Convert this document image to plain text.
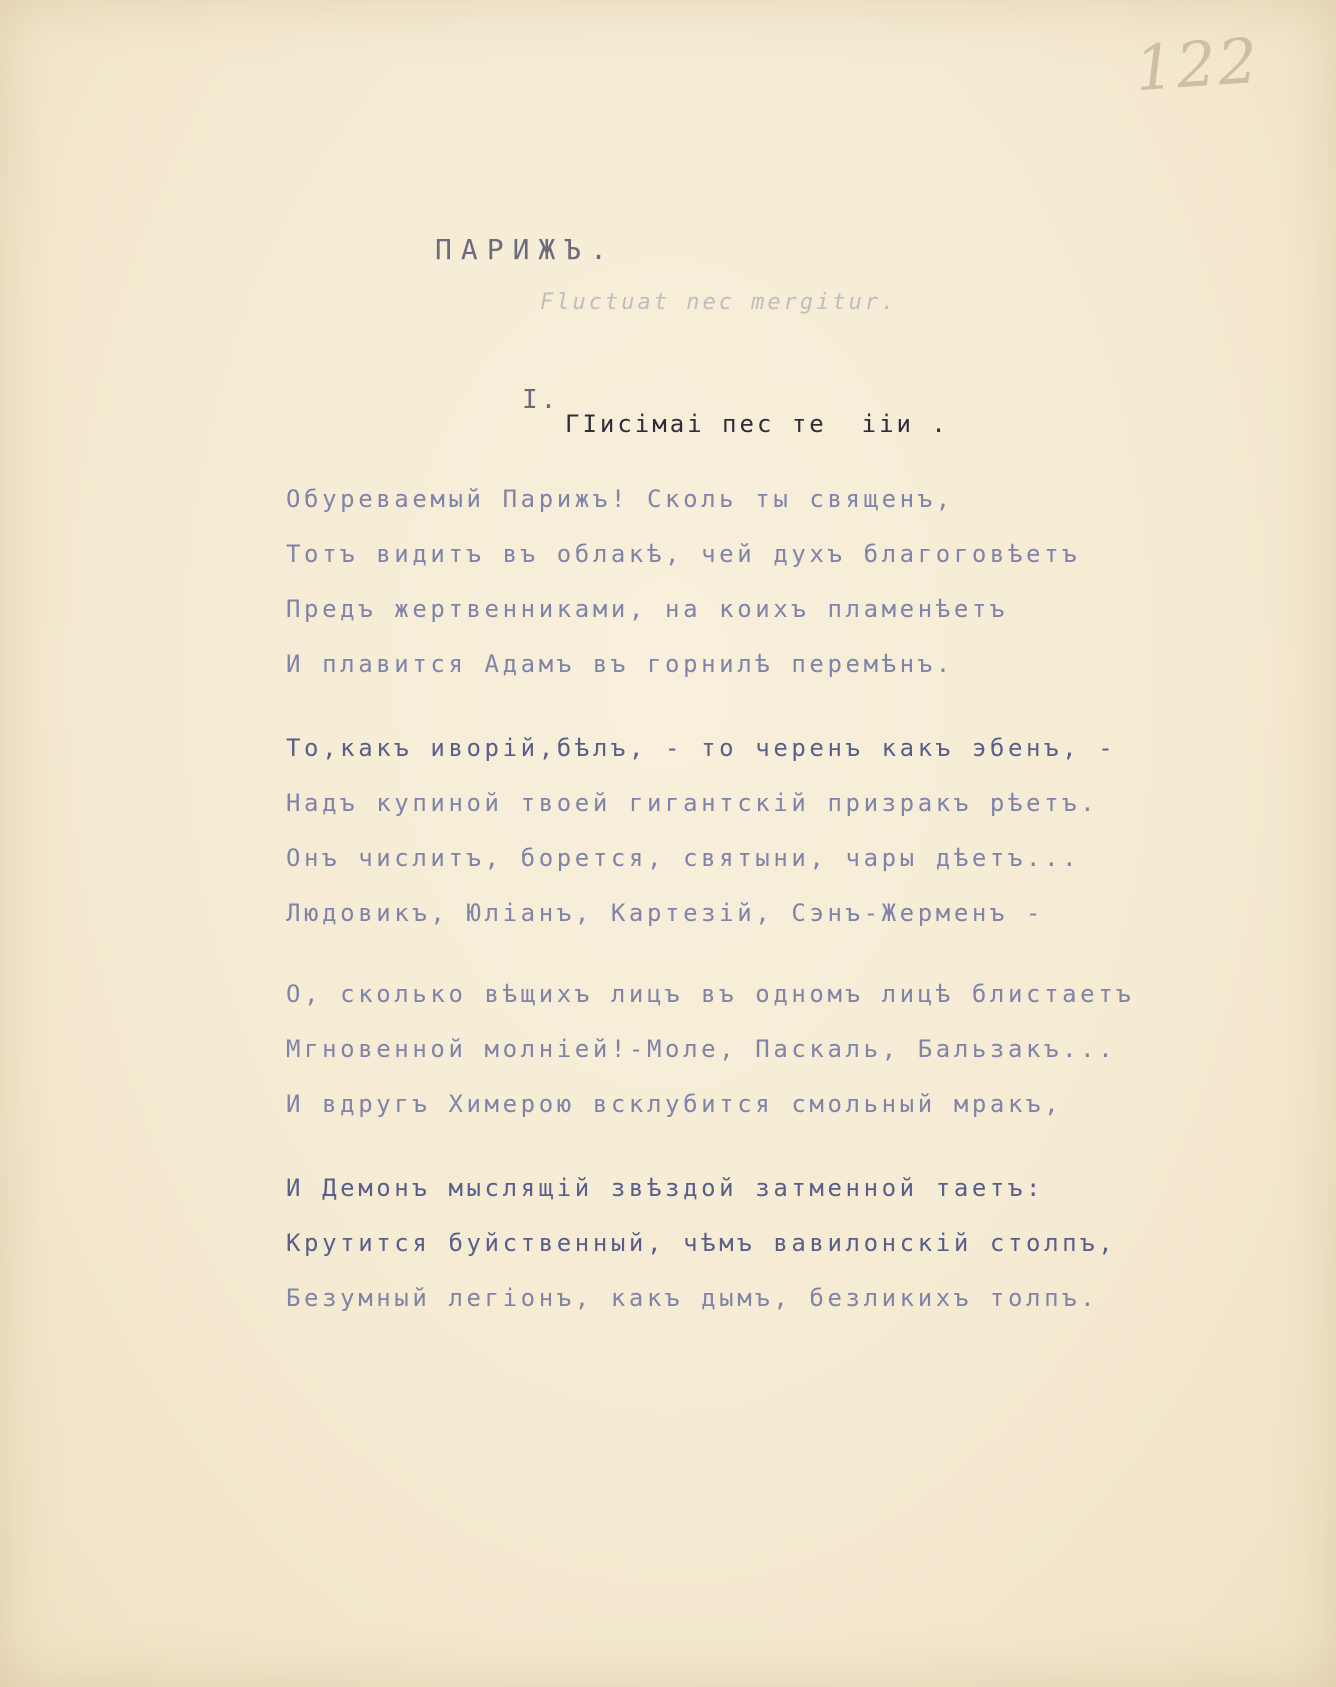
122
ПАРИЖЪ.
Fluctuat nec mergitur.
I.
ГIисiмаi пес те  iiи .
Обуреваемый Парижъ! Сколь ты священъ,
Тотъ видитъ въ облакѣ, чей духъ благоговѣетъ
Предъ жертвенниками, на коихъ пламенѣетъ
И плавится Адамъ въ горнилѣ перемѣнъ.
То,какъ иворiй,бѣлъ, - то черенъ какъ эбенъ, -
Надъ купиной твоей гигантскiй призракъ рѣетъ.
Онъ числитъ, борется, святыни, чары дѣетъ...
Людовикъ, Юлiанъ, Картезiй, Сэнъ-Жерменъ -
О, сколько вѣщихъ лицъ въ одномъ лицѣ блистаетъ
Мгновенной молнiей!-Моле, Паскаль, Бальзакъ...
И вдругъ Химерою всклубится смольный мракъ,
И Демонъ мыслящiй звѣздой затменной таетъ:
Крутится буйственный, чѣмъ вавилонскiй столпъ,
Безумный легiонъ, какъ дымъ, безликихъ толпъ.
